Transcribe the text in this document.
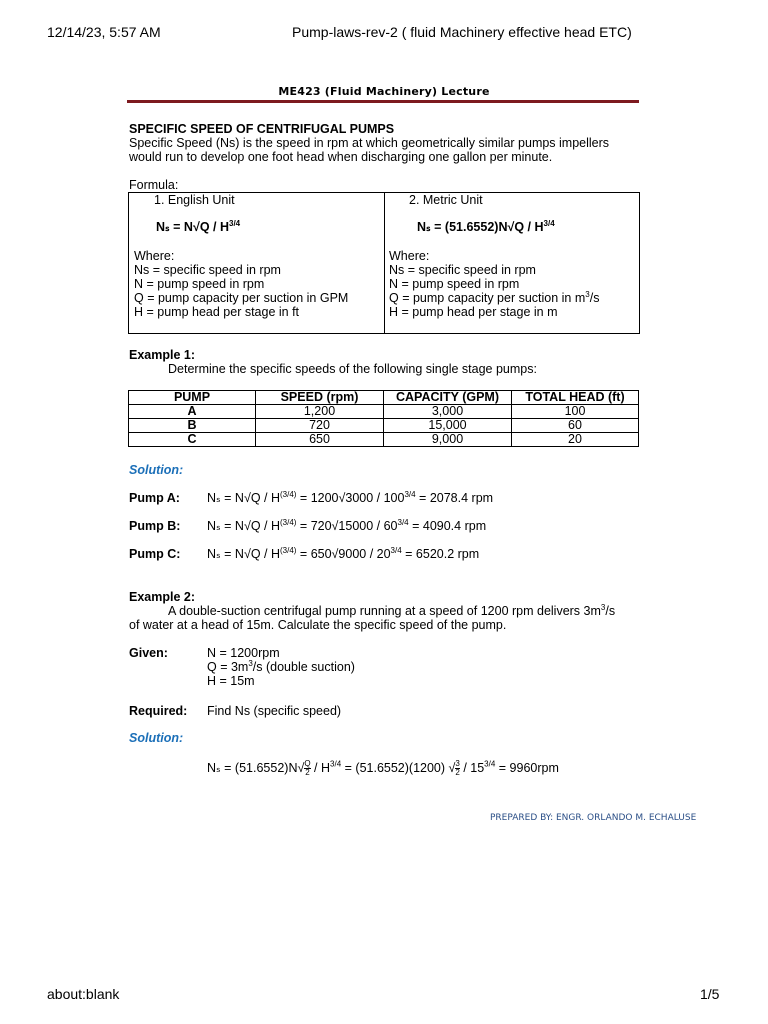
12/14/23, 5:57 AM	Pump-laws-rev-2 ( fluid Machinery effective head ETC)
ME423 (Fluid Machinery) Lecture
SPECIFIC SPEED OF CENTRIFUGAL PUMPS
Specific Speed (Ns) is the speed in rpm at which geometrically similar pumps impellers
would run to develop one foot head when discharging one gallon per minute.
Formula:
1. English Unit
$N_s = N√Q / H^{3/4}$
Where:
Ns = specific speed in rpm
N = pump speed in rpm
Q = pump capacity per suction in GPM
H = pump head per stage in ft
2. Metric Unit
$N_s = (51.6552)N√Q / H^{3/4}$
Where:
Ns = specific speed in rpm
N = pump speed in rpm
Q = pump capacity per suction in $m^3/s$
H = pump head per stage in m
Example 1:
Determine the specific speeds of the following single stage pumps:
PUMP	SPEED (rpm)	CAPACITY (GPM)	TOTAL HEAD (ft)
A	1,200	3,000	100
B	720	15,000	60
C	650	9,000	20
Solution:
Pump A: $N_s = N√Q / H^{(3/4)} = 1200√3000 / 100^{3/4} = 2078.4$ rpm
Pump B: $N_s = N√Q / H^{(3/4)} = 720√15000 / 60^{3/4} = 4090.4$ rpm
Pump C: $N_s = N√Q / H^{(3/4)} = 650√9000 / 20^{3/4} = 6520.2$ rpm
Example 2:
A double-suction centrifugal pump running at a speed of 1200 rpm delivers $3m^3/s$
of water at a head of 15m. Calculate the specific speed of the pump.
Given:	N = 1200rpm
$Q = 3m^3/s$ (double suction)
H = 15m
Required: Find Ns (specific speed)
Solution:
$N_s = (51.6552)N√ \frac{Q}{2} / H^{3/4} = (51.6552)(1200)$ √ $\frac{3}{2} / 15^{3/4} = 9960rpm$
PREPARED BY: ENGR. ORLANDO M. ECHALUSE
about:blank	1/5
